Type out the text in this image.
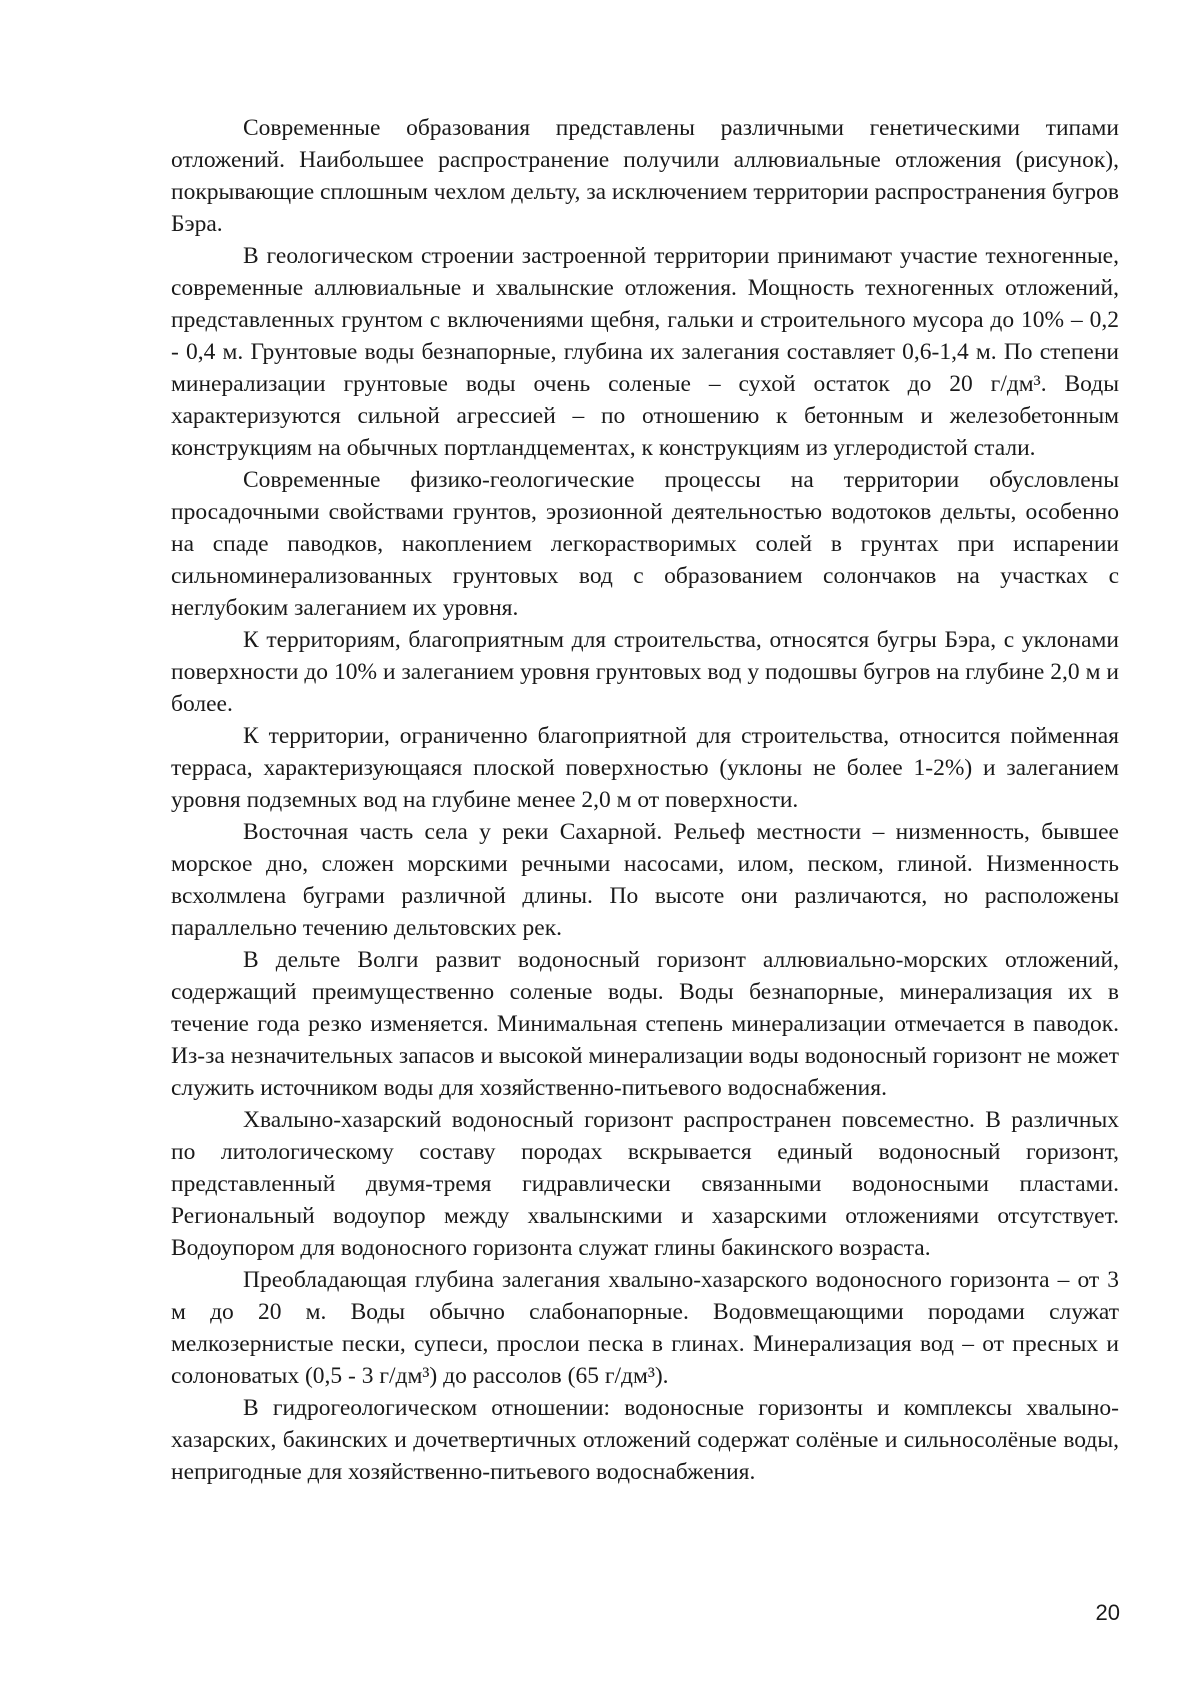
Современные образования представлены различными генетическими типами отложений. Наибольшее распространение получили аллювиальные отложения (рисунок), покрывающие сплошным чехлом дельту, за исключением территории распространения бугров Бэра.

В геологическом строении застроенной территории принимают участие техногенные, современные аллювиальные и хвалынские отложения. Мощность техногенных отложений, представленных грунтом с включениями щебня, гальки и строительного мусора до 10% – 0,2 - 0,4 м. Грунтовые воды безнапорные, глубина их залегания составляет 0,6-1,4 м. По степени минерализации грунтовые воды очень соленые – сухой остаток до 20 г/дм³. Воды характеризуются сильной агрессией – по отношению к бетонным и железобетонным конструкциям на обычных портландцементах, к конструкциям из углеродистой стали.

Современные физико-геологические процессы на территории обусловлены просадочными свойствами грунтов, эрозионной деятельностью водотоков дельты, особенно на спаде паводков, накоплением легкорастворимых солей в грунтах при испарении сильноминерализованных грунтовых вод с образованием солончаков на участках с неглубоким залеганием их уровня.

К территориям, благоприятным для строительства, относятся бугры Бэра, с уклонами поверхности до 10% и залеганием уровня грунтовых вод у подошвы бугров на глубине 2,0 м и более.

К территории, ограниченно благоприятной для строительства, относится пойменная терраса, характеризующаяся плоской поверхностью (уклоны не более 1-2%) и залеганием уровня подземных вод на глубине менее 2,0 м от поверхности.

Восточная часть села у реки Сахарной. Рельеф местности – низменность, бывшее морское дно, сложен морскими речными насосами, илом, песком, глиной. Низменность всхолмлена буграми различной длины. По высоте они различаются, но расположены параллельно течению дельтовских рек.

В дельте Волги развит водоносный горизонт аллювиально-морских отложений, содержащий преимущественно соленые воды. Воды безнапорные, минерализация их в течение года резко изменяется. Минимальная степень минерализации отмечается в паводок. Из-за незначительных запасов и высокой минерализации воды водоносный горизонт не может служить источником воды для хозяйственно-питьевого водоснабжения.

Хвалыно-хазарский водоносный горизонт распространен повсеместно. В различных по литологическому составу породах вскрывается единый водоносный горизонт, представленный двумя-тремя гидравлически связанными водоносными пластами. Региональный водоупор между хвалынскими и хазарскими отложениями отсутствует. Водоупором для водоносного горизонта служат глины бакинского возраста.

Преобладающая глубина залегания хвалыно-хазарского водоносного горизонта – от 3 м до 20 м. Воды обычно слабонапорные. Водовмещающими породами служат мелкозернистые пески, супеси, прослои песка в глинах. Минерализация вод – от пресных и солоноватых (0,5 - 3 г/дм³) до рассолов (65 г/дм³).

В гидрогеологическом отношении: водоносные горизонты и комплексы хвалыно-хазарских, бакинских и дочетвертичных отложений содержат солёные и сильносолёные воды, непригодные для хозяйственно-питьевого водоснабжения.

20
